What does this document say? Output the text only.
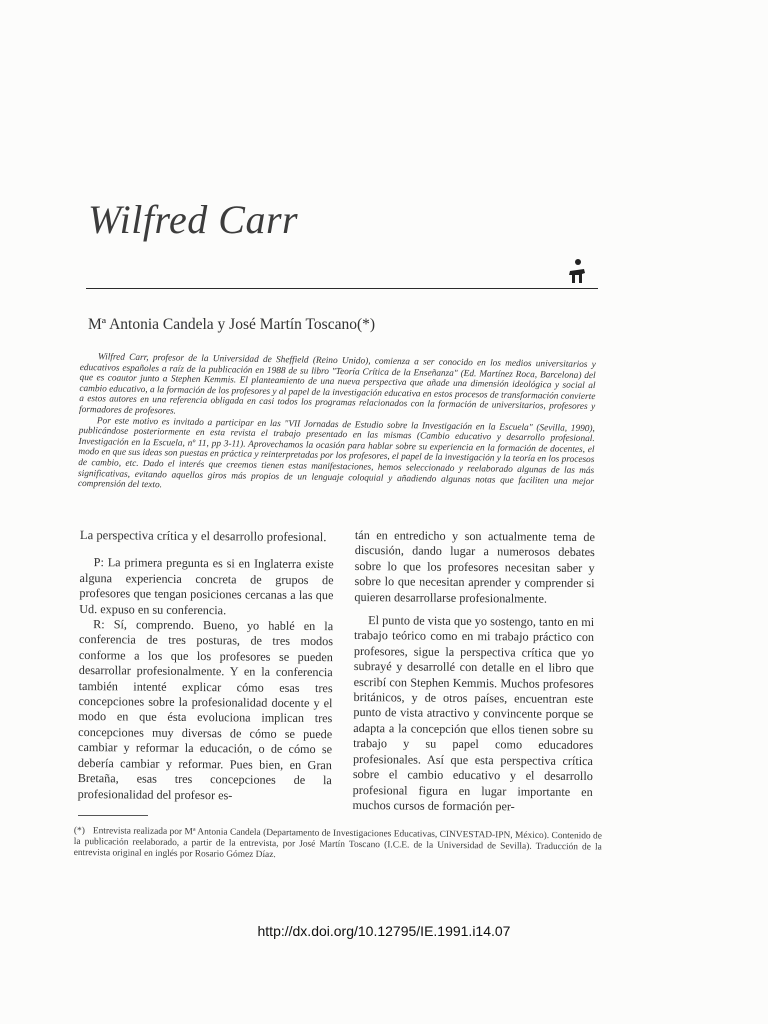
Wilfred Carr

Mª Antonia Candela y José Martín Toscano(*)

Wilfred Carr, profesor de la Universidad de Sheffield (Reino Unido), comienza a ser conocido en los medios universitarios y educativos españoles a raíz de la publicación en 1988 de su libro "Teoría Crítica de la Enseñanza" (Ed. Martínez Roca, Barcelona) del que es coautor junto a Stephen Kemmis. El planteamiento de una nueva perspectiva que añade una dimensión ideológica y social al cambio educativo, a la formación de los profesores y al papel de la investigación educativa en estos procesos de transformación convierte a estos autores en una referencia obligada en casi todos los programas relacionados con la formación de universitarios, profesores y formadores de profesores.

Por este motivo es invitado a participar en las "VII Jornadas de Estudio sobre la Investigación en la Escuela" (Sevilla, 1990), publicándose posteriormente en esta revista el trabajo presentado en las mismas (Cambio educativo y desarrollo profesional. Investigación en la Escuela, nº 11, pp 3-11). Aprovechamos la ocasión para hablar sobre su experiencia en la formación de docentes, el modo en que sus ideas son puestas en práctica y reinterpretadas por los profesores, el papel de la investigación y la teoría en los procesos de cambio, etc. Dado el interés que creemos tienen estas manifestaciones, hemos seleccionado y reelaborado algunas de las más significativas, evitando aquellos giros más propios de un lenguaje coloquial y añadiendo algunas notas que faciliten una mejor comprensión del texto.

La perspectiva crítica y el desarrollo profesional.

P: La primera pregunta es si en Inglaterra existe alguna experiencia concreta de grupos de profesores que tengan posiciones cercanas a las que Ud. expuso en su conferencia.

R: Sí, comprendo. Bueno, yo hablé en la conferencia de tres posturas, de tres modos conforme a los que los profesores se pueden desarrollar profesionalmente. Y en la conferencia también intenté explicar cómo esas tres concepciones sobre la profesionalidad docente y el modo en que ésta evoluciona implican tres concepciones muy diversas de cómo se puede cambiar y reformar la educación, o de cómo se debería cambiar y reformar. Pues bien, en Gran Bretaña, esas tres concepciones de la profesionalidad del profesor es-

tán en entredicho y son actualmente tema de discusión, dando lugar a numerosos debates sobre lo que los profesores necesitan saber y sobre lo que necesitan aprender y comprender si quieren desarrollarse profesionalmente.

El punto de vista que yo sostengo, tanto en mi trabajo teórico como en mi trabajo práctico con profesores, sigue la perspectiva crítica que yo subrayé y desarrollé con detalle en el libro que escribí con Stephen Kemmis. Muchos profesores británicos, y de otros países, encuentran este punto de vista atractivo y convincente porque se adapta a la concepción que ellos tienen sobre su trabajo y su papel como educadores profesionales. Así que esta perspectiva crítica sobre el cambio educativo y el desarrollo profesional figura en lugar importante en muchos cursos de formación per-

(*) Entrevista realizada por Mª Antonia Candela (Departamento de Investigaciones Educativas, CINVESTAD-IPN, México). Contenido de la publicación reelaborado, a partir de la entrevista, por José Martín Toscano (I.C.E. de la Universidad de Sevilla). Traducción de la entrevista original en inglés por Rosario Gómez Díaz.
http://dx.doi.org/10.12795/IE.1991.i14.07
